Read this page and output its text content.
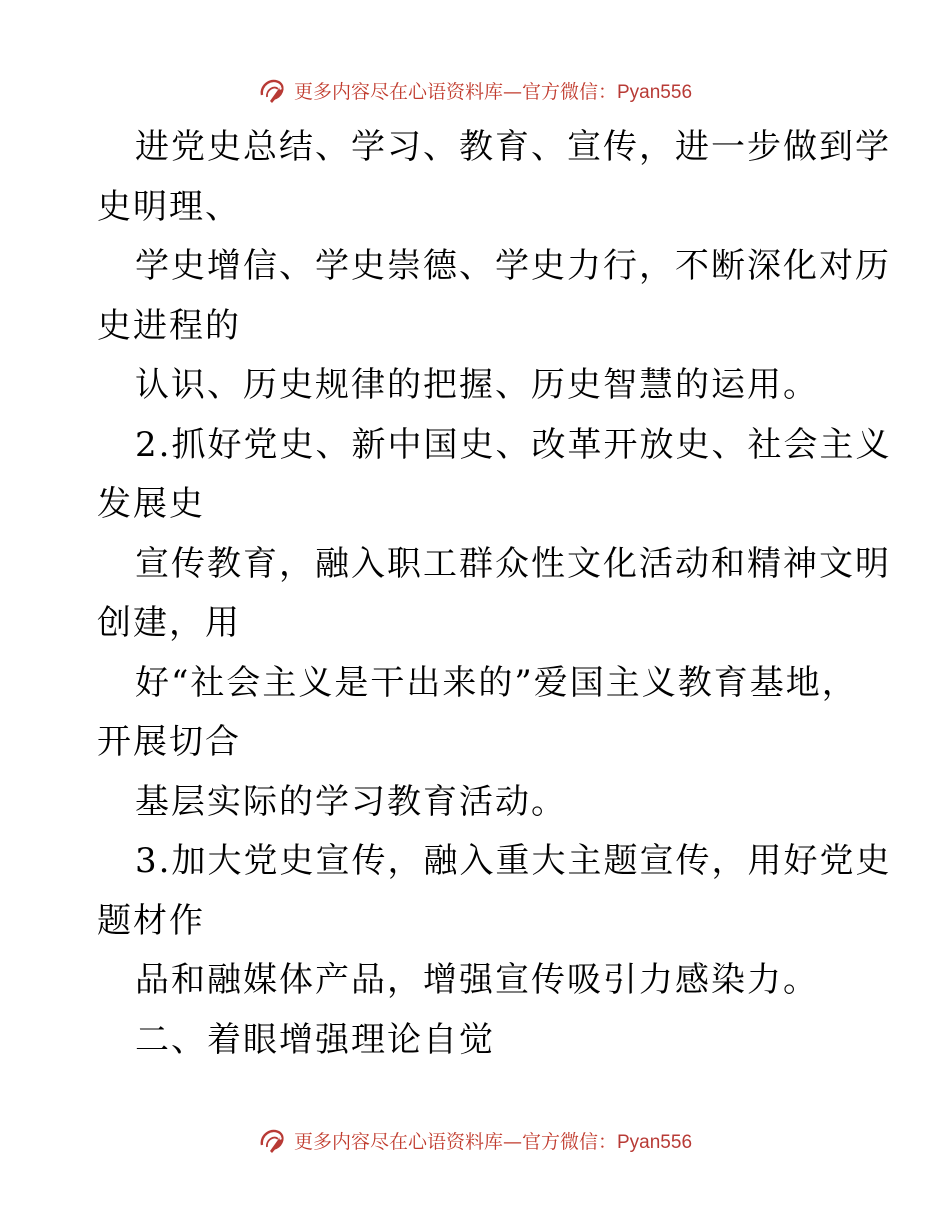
更多内容尽在心语资料库—官方微信：Pyan556
进党史总结、学习、教育、宣传，进一步做到学
史明理、
学史增信、学史崇德、学史力行，不断深化对历
史进程的
认识、历史规律的把握、历史智慧的运用。
2.抓好党史、新中国史、改革开放史、社会主义
发展史
宣传教育，融入职工群众性文化活动和精神文明
创建，用
好“社会主义是干出来的”爱国主义教育基地，
开展切合
基层实际的学习教育活动。
3.加大党史宣传，融入重大主题宣传，用好党史
题材作
品和融媒体产品，增强宣传吸引力感染力。
二、着眼增强理论自觉
更多内容尽在心语资料库—官方微信：Pyan556
